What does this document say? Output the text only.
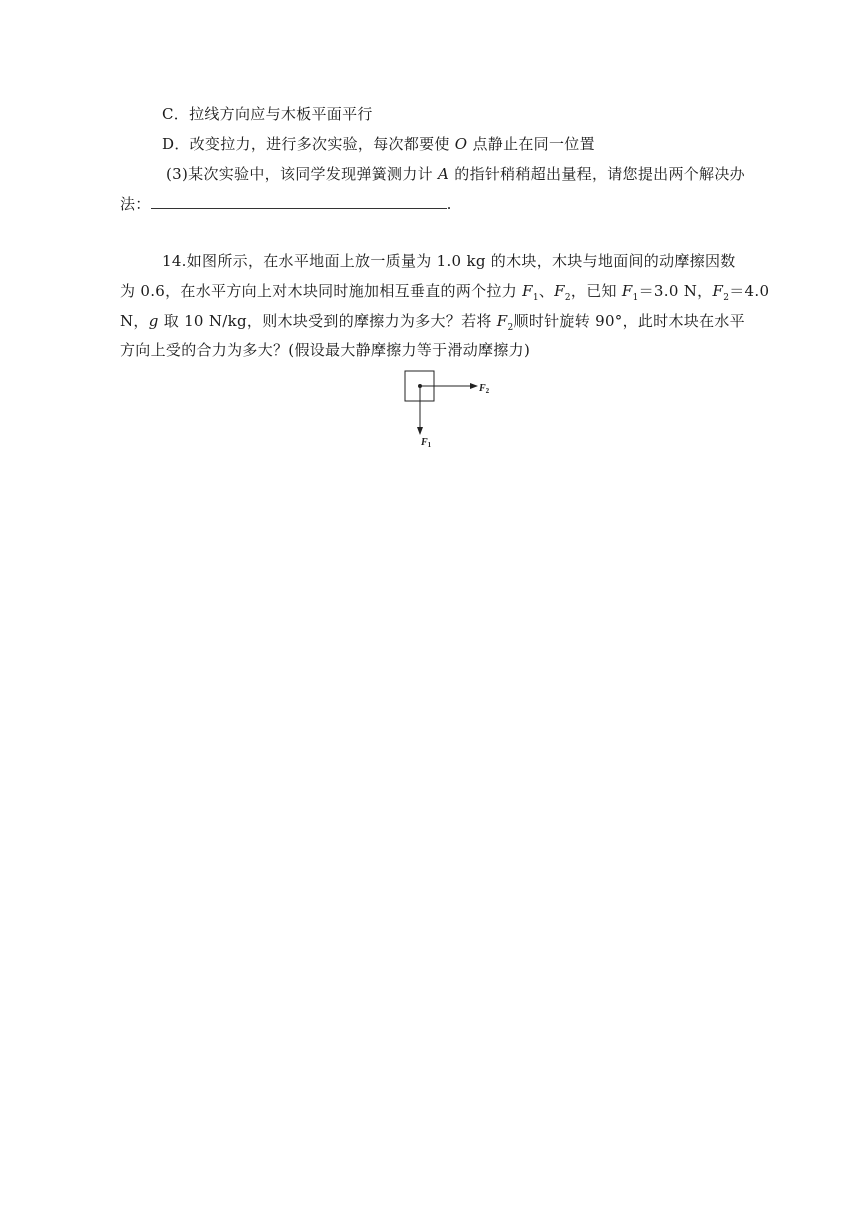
C．拉线方向应与木板平面平行
D．改变拉力，进行多次实验，每次都要使 O 点静止在同一位置
(3)某次实验中，该同学发现弹簧测力计 A 的指针稍稍超出量程，请您提出两个解决办
法：	.
14.如图所示，在水平地面上放一质量为 1.0 kg 的木块，木块与地面间的动摩擦因数
为 0.6，在水平方向上对木块同时施加相互垂直的两个拉力 $F_1$、$F_2$，已知 $F_1=3.0$ N，$F_2=4.0$
N，g 取 10 N/kg，则木块受到的摩擦力为多大？若将 $F_2$顺时针旋转 90°，此时木块在水平
方向上受的合力为多大？(假设最大静摩擦力等于滑动摩擦力)
$F_2$
$F_1$
